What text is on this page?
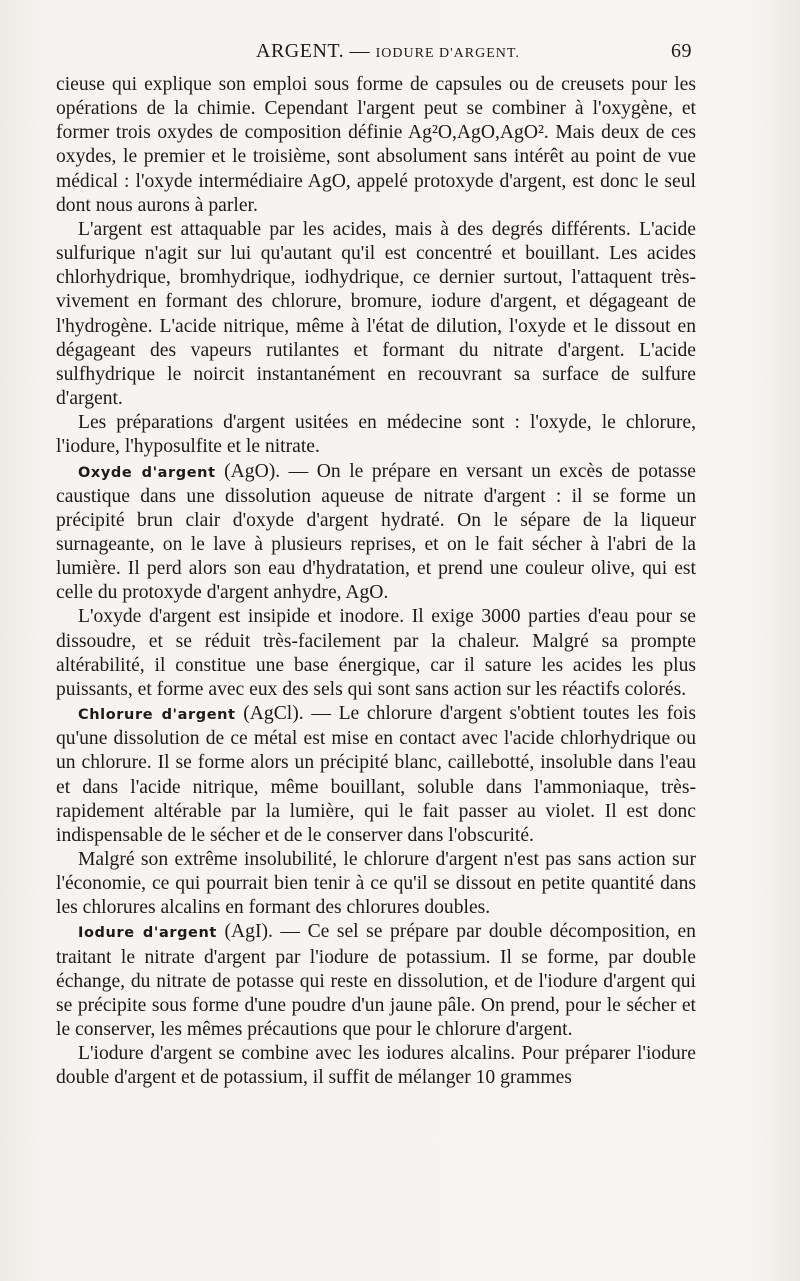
ARGENT. — IODURE D'ARGENT.	69

cieuse qui explique son emploi sous forme de capsules ou de creusets pour les opérations de la chimie. Cependant l'argent peut se combiner à l'oxygène, et former trois oxydes de composition définie Ag²O,AgO,AgO². Mais deux de ces oxydes, le premier et le troisième, sont absolument sans intérêt au point de vue médical : l'oxyde intermédiaire AgO, appelé protoxyde d'argent, est donc le seul dont nous aurons à parler.

L'argent est attaquable par les acides, mais à des degrés différents. L'acide sulfurique n'agit sur lui qu'autant qu'il est concentré et bouillant. Les acides chlorhydrique, bromhydrique, iodhydrique, ce dernier surtout, l'attaquent très-vivement en formant des chlorure, bromure, iodure d'argent, et dégageant de l'hydrogène. L'acide nitrique, même à l'état de dilution, l'oxyde et le dissout en dégageant des vapeurs rutilantes et formant du nitrate d'argent. L'acide sulfhydrique le noircit instantanément en recouvrant sa surface de sulfure d'argent.

Les préparations d'argent usitées en médecine sont : l'oxyde, le chlorure, l'iodure, l'hyposulfite et le nitrate.

Oxyde d'argent (AgO). — On le prépare en versant un excès de potasse caustique dans une dissolution aqueuse de nitrate d'argent : il se forme un précipité brun clair d'oxyde d'argent hydraté. On le sépare de la liqueur surnageante, on le lave à plusieurs reprises, et on le fait sécher à l'abri de la lumière. Il perd alors son eau d'hydratation, et prend une couleur olive, qui est celle du protoxyde d'argent anhydre, AgO.

L'oxyde d'argent est insipide et inodore. Il exige 3000 parties d'eau pour se dissoudre, et se réduit très-facilement par la chaleur. Malgré sa prompte altérabilité, il constitue une base énergique, car il sature les acides les plus puissants, et forme avec eux des sels qui sont sans action sur les réactifs colorés.

Chlorure d'argent (AgCl). — Le chlorure d'argent s'obtient toutes les fois qu'une dissolution de ce métal est mise en contact avec l'acide chlorhydrique ou un chlorure. Il se forme alors un précipité blanc, caillebotté, insoluble dans l'eau et dans l'acide nitrique, même bouillant, soluble dans l'ammoniaque, très-rapidement altérable par la lumière, qui le fait passer au violet. Il est donc indispensable de le sécher et de le conserver dans l'obscurité.

Malgré son extrême insolubilité, le chlorure d'argent n'est pas sans action sur l'économie, ce qui pourrait bien tenir à ce qu'il se dissout en petite quantité dans les chlorures alcalins en formant des chlorures doubles.

Iodure d'argent (AgI). — Ce sel se prépare par double décomposition, en traitant le nitrate d'argent par l'iodure de potassium. Il se forme, par double échange, du nitrate de potasse qui reste en dissolution, et de l'iodure d'argent qui se précipite sous forme d'une poudre d'un jaune pâle. On prend, pour le sécher et le conserver, les mêmes précautions que pour le chlorure d'argent.

L'iodure d'argent se combine avec les iodures alcalins. Pour préparer l'iodure double d'argent et de potassium, il suffit de mélanger 10 grammes
